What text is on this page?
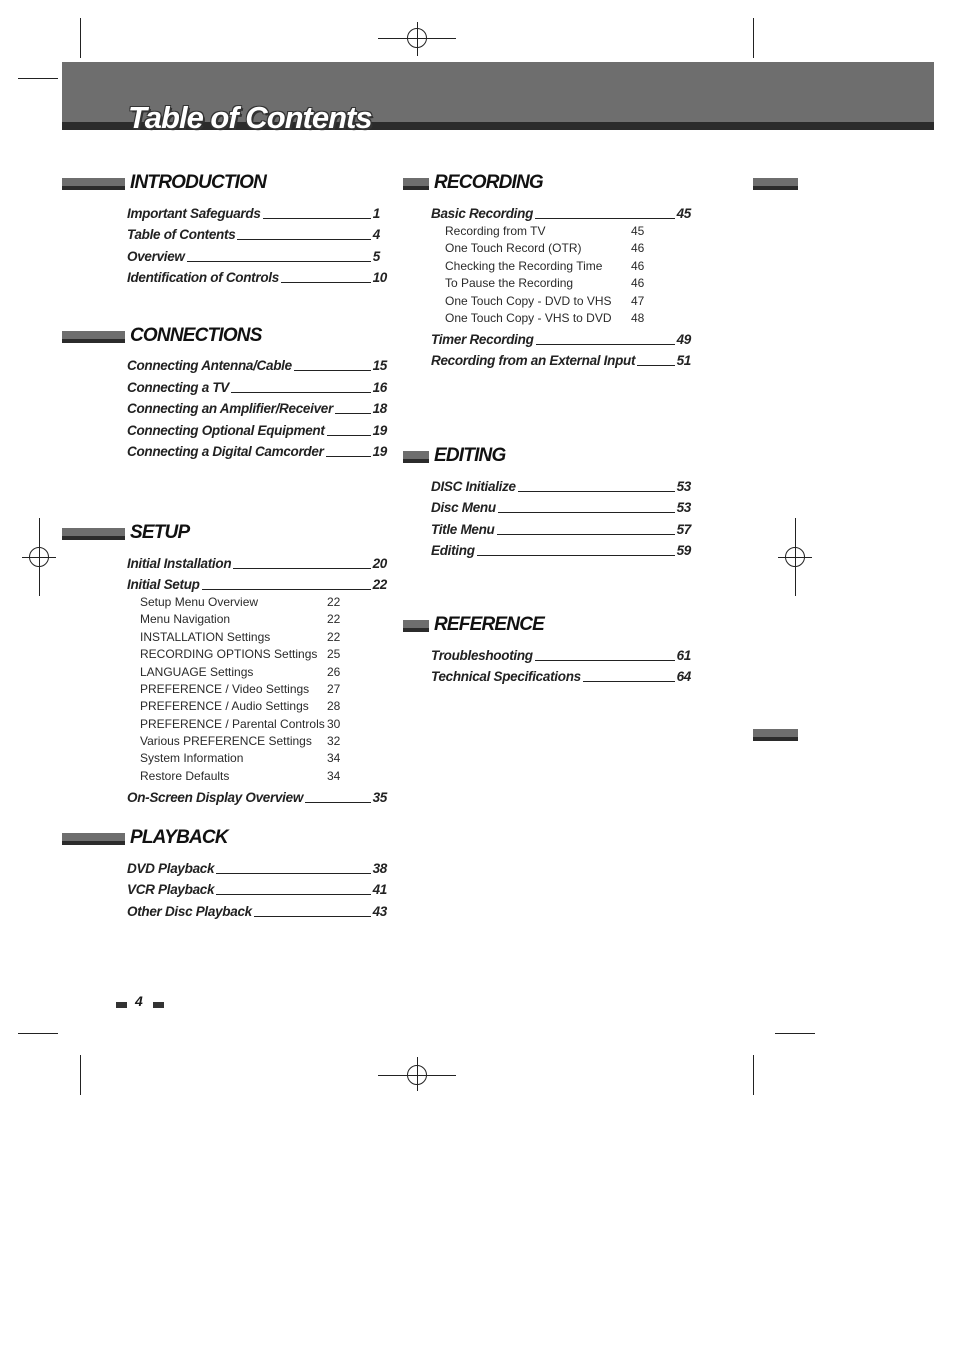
Table of Contents
INTRODUCTION
Important Safeguards	1
Table of Contents	4
Overview	5
Identification of Controls	10
CONNECTIONS
Connecting Antenna/Cable	15
Connecting a TV	16
Connecting an Amplifier/Receiver	18
Connecting Optional Equipment	19
Connecting a Digital Camcorder	19
SETUP
Initial Installation	20
Initial Setup	22
Setup Menu Overview	22
Menu Navigation	22
INSTALLATION Settings	22
RECORDING OPTIONS Settings 25
LANGUAGE Settings	26
PREFERENCE / Video Settings 27
PREFERENCE / Audio Settings 28
PREFERENCE / Parental Controls 30
Various PREFERENCE Settings 32
System Information	34
Restore Defaults	34
On-Screen Display Overview	35
PLAYBACK
DVD Playback	38
VCR Playback	41
Other Disc Playback	43
RECORDING
Basic Recording	45
Recording from TV	45
One Touch Record (OTR)	46
Checking the Recording Time 46
To Pause the Recording	46
One Touch Copy - DVD to VHS 47
One Touch Copy - VHS to DVD 48
Timer Recording	49
Recording from an External Input	51
EDITING
DISC Initialize	53
Disc Menu	53
Title Menu	57
Editing	59
REFERENCE
Troubleshooting	61
Technical Specifications	64
4
